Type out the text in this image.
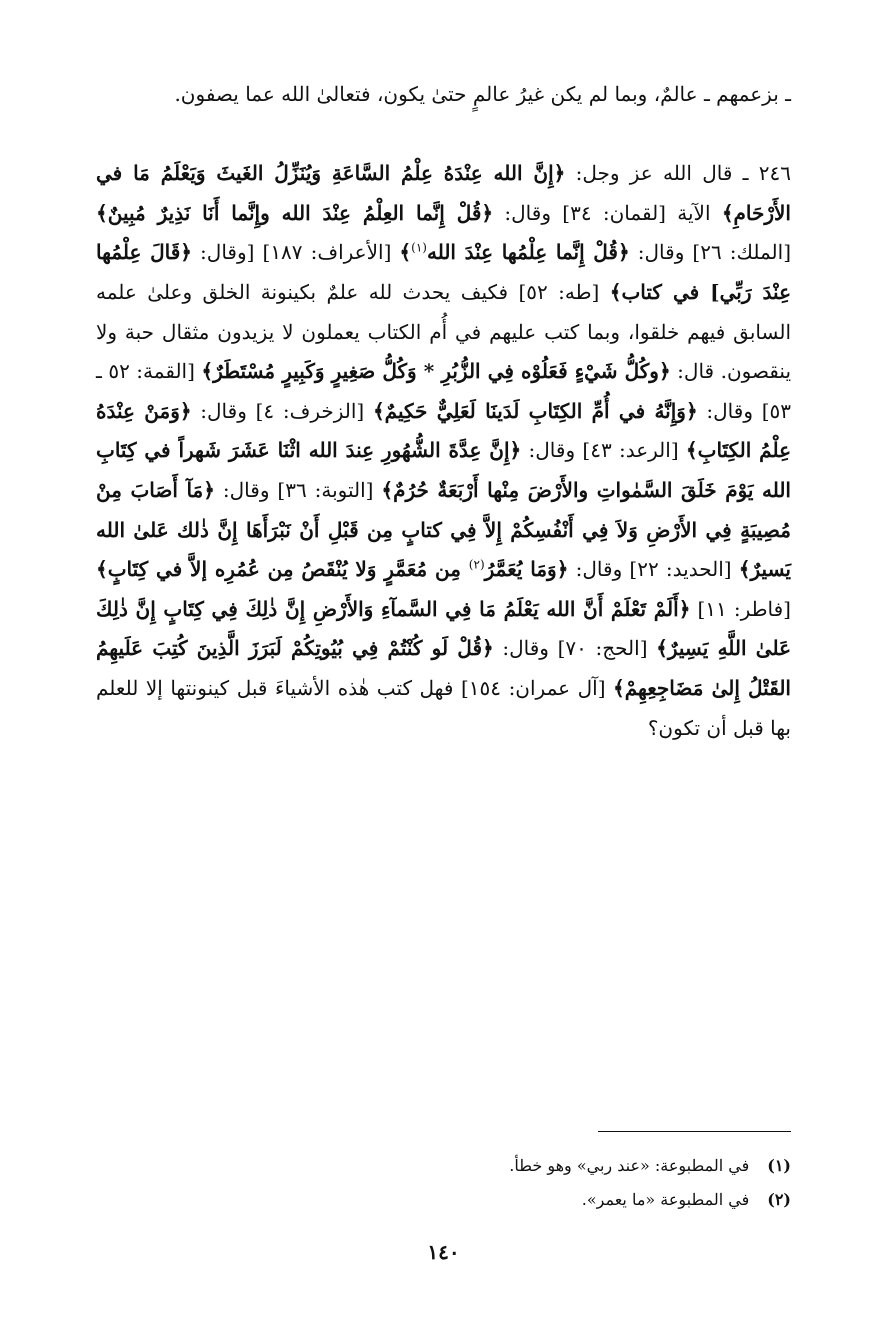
ـ بزعمهم ـ عالمٌ، وبما لم يكن غيرُ عالمٍ حتىٰ يكون، فتعالىٰ الله عما يصفون.

٢٤٦ ـ قال الله عز وجل: ﴿إِنَّ الله عِنْدَهُ عِلْمُ السَّاعَةِ وَيُنَزِّلُ الغَيثَ وَيَعْلَمُ مَا في الأَرْحَامِ﴾ الآية [لقمان: ٣٤] وقال: ﴿قُلْ إِنَّما العِلْمُ عِنْدَ الله وإِنَّما أَنَا نَذِيرٌ مُبِينٌ﴾ [الملك: ٢٦] وقال: ﴿قُلْ إِنَّما عِلْمُها عِنْدَ الله$^{(١)}$﴾ [الأعراف: ١٨٧] [وقال: ﴿قَالَ عِلْمُها عِنْدَ رَبِّي] في كتاب﴾ [طه: ٥٢] فكيف يحدث لله علمٌ بكينونة الخلق وعلىٰ علمه السابق فيهم خلقوا، وبما كتب عليهم في أُم الكتاب يعملون لا يزيدون مثقال حبة ولا ينقصون. قال: ﴿وكُلُّ شَيْءٍ فَعَلُوْه فِي الزُّبُرِ * وَكُلُّ صَغِيرٍ وَكَبِيرٍ مُسْتَطَرٌ﴾ [القمة: ٥٢ ـ ٥٣] وقال: ﴿وَإِنَّهُ في أُمِّ الكِتَابِ لَدَينَا لَعَلِيٌّ حَكِيمٌ﴾ [الزخرف: ٤] وقال: ﴿وَمَنْ عِنْدَهُ عِلْمُ الكِتَابِ﴾ [الرعد: ٤٣] وقال: ﴿إِنَّ عِدَّةَ الشُّهُورِ عِندَ الله اثْنَا عَشَرَ شَهراً في كِتَابِ الله يَوْمَ خَلَقَ السَّمٰواتِ والأَرْضَ مِنْها أَرْبَعَةٌ حُرُمٌ﴾ [التوبة: ٣٦] وقال: ﴿مَآ أَصَابَ مِنْ مُصِيبَةٍ فِي الأَرْضِ وَلاَ فِي أَنْفُسِكُمْ إِلاَّ فِي كتابٍ مِن قَبْلِ أَنْ نَبْرَأَهَا إِنَّ ذٰلك عَلىٰ الله يَسيرٌ﴾ [الحديد: ٢٢] وقال: ﴿وَمَا يُعَمَّرُ$^{(٢)}$ مِن مُعَمَّرٍ وَلا يُنْقَصُ مِن عُمُرِه إلاَّ في كِتَابٍ﴾ [فاطر: ١١] ﴿أَلَمْ تَعْلَمْ أَنَّ الله يَعْلَمُ مَا فِي السَّمآءِ وَالأَرْضِ إِنَّ ذٰلِكَ فِي كِتَابٍ إِنَّ ذٰلِكَ عَلىٰ اللَّهِ يَسِيرٌ﴾ [الحج: ٧٠] وقال: ﴿قُلْ لَو كُنْتُمْ فِي بُيُوتِكُمْ لَبَرَزَ الَّذِينَ كُتِبَ عَلَيهِمُ القَتْلُ إِلىٰ مَضَاجِعِهِمْ﴾ [آل عمران: ١٥٤] فهل كتب هٰذه الأشياءَ قبل كينونتها إلا للعلم بها قبل أن تكون؟

(١)
في المطبوعة: «عند ربي» وهو خطأ.
(٢)
في المطبوعة «ما يعمر».
١٤٠
